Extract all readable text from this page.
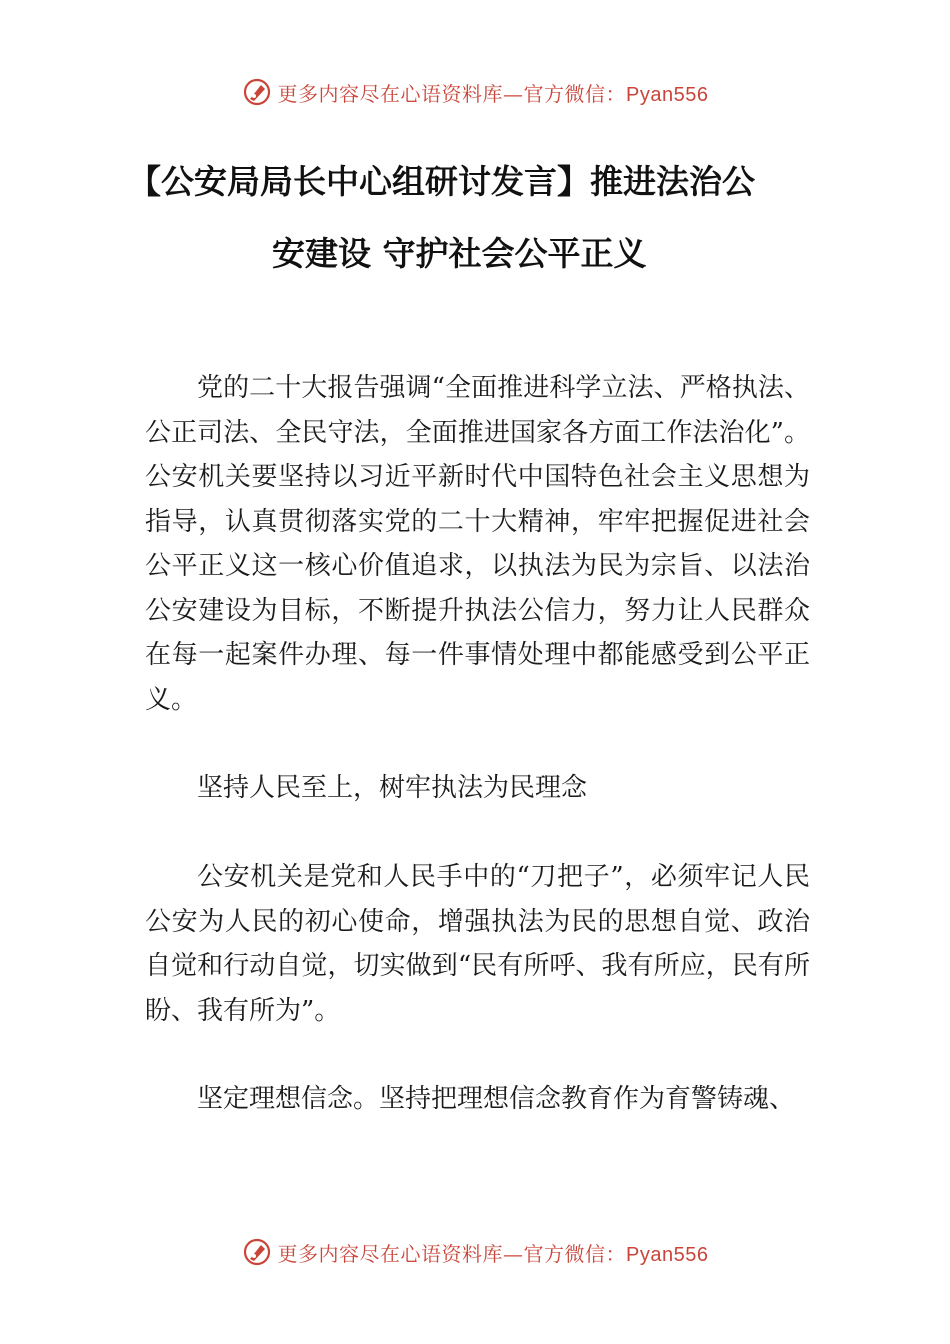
更多内容尽在心语资料库—官方微信：Pyan556
【公安局局长中心组研讨发言】推进法治公
安建设 守护社会公平正义

党的二十大报告强调“全面推进科学立法、严格执法、公正司法、全民守法，全面推进国家各方面工作法治化”。公安机关要坚持以习近平新时代中国特色社会主义思想为指导，认真贯彻落实党的二十大精神，牢牢把握促进社会公平正义这一核心价值追求，以执法为民为宗旨、以法治公安建设为目标，不断提升执法公信力，努力让人民群众在每一起案件办理、每一件事情处理中都能感受到公平正义。

坚持人民至上，树牢执法为民理念

公安机关是党和人民手中的“刀把子”，必须牢记人民公安为人民的初心使命，增强执法为民的思想自觉、政治自觉和行动自觉，切实做到“民有所呼、我有所应，民有所盼、我有所为”。

坚定理想信念。坚持把理想信念教育作为育警铸魂、

更多内容尽在心语资料库—官方微信：Pyan556
